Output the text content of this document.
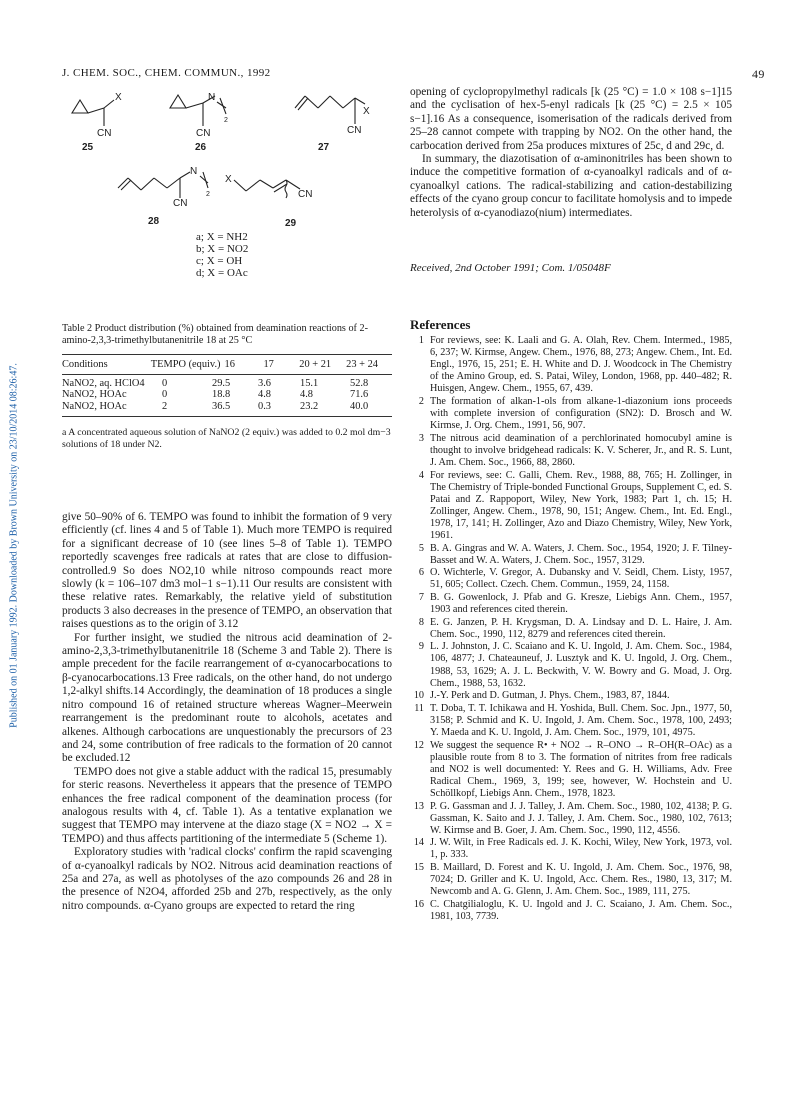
Published on 01 January 1992. Downloaded by Brown University on 23/10/2014 08:26:47.
J. CHEM. SOC., CHEM. COMMUN., 1992	49
X
CN
N
2
CN
X
CN
25	26	27
N
2
CN
X
CN
28	29
a; X = NH2
b; X = NO2
c; X = OH
d; X = OAc
Table 2 Product distribution (%) obtained from deamination reactions of 2-amino-2,3,3-trimethylbutanenitrile 18 at 25 °C
Conditions	TEMPO (equiv.)	16	17	20 + 21	23 + 24
NaNO2, aq. HClO4	0	29.5	3.6	15.1	52.8
NaNO2, HOAc	0	18.8	4.8	4.8	71.6
NaNO2, HOAc	2	36.5	0.3	23.2	40.0
a A concentrated aqueous solution of NaNO2 (2 equiv.) was added to 0.2 mol dm−3 solutions of 18 under N2.

give 50–90% of 6. TEMPO was found to inhibit the formation of 9 very efficiently (cf. lines 4 and 5 of Table 1). Much more TEMPO is required for a significant decrease of 10 (see lines 5–8 of Table 1). TEMPO reportedly scavenges free radicals at rates that are close to diffusion-controlled.9 So does NO2,10 while nitroso compounds react more slowly (k = 106–107 dm3 mol−1 s−1).11 Our results are consistent with these relative rates. Remarkably, the relative yield of substitution products 3 also decreases in the presence of TEMPO, an observation that raises questions as to the origin of 3.12

For further insight, we studied the nitrous acid deamination of 2-amino-2,3,3-trimethylbutanenitrile 18 (Scheme 3 and Table 2). There is ample precedent for the facile rearrangement of α-cyanocarbocations to β-cyanocarbocations.13 Free radicals, on the other hand, do not undergo 1,2-alkyl shifts.14 Accordingly, the deamination of 18 produces a single nitro compound 16 of retained structure whereas Wagner–Meerwein rearrangement is the predominant route to alcohols, acetates and alkenes. Although carbocations are unquestionably the precursors of 23 and 24, some contribution of free radicals to the formation of 20 cannot be excluded.12

TEMPO does not give a stable adduct with the radical 15, presumably for steric reasons. Nevertheless it appears that the presence of TEMPO enhances the free radical component of the deamination process (for analogous results with 4, cf. Table 1). As a tentative explanation we suggest that TEMPO may intervene at the diazo stage (X = NO2 → X = TEMPO) and thus affects partitioning of the intermediate 5 (Scheme 1).

Exploratory studies with 'radical clocks' confirm the rapid scavenging of α-cyanoalkyl radicals by NO2. Nitrous acid deamination reactions of 25a and 27a, as well as photolyses of the azo compounds 26 and 28 in the presence of N2O4, afforded 25b and 27b, respectively, as the only nitro compounds. α-Cyano groups are expected to retard the ring

opening of cyclopropylmethyl radicals [k (25 °C) = 1.0 × 108 s−1]15 and the cyclisation of hex-5-enyl radicals [k (25 °C) = 2.5 × 105 s−1].16 As a consequence, isomerisation of the radicals derived from 25–28 cannot compete with trapping by NO2. On the other hand, the carbocation derived from 25a produces mixtures of 25c, d and 29c, d.

In summary, the diazotisation of α-aminonitriles has been shown to induce the competitive formation of α-cyanoalkyl radicals and of α-cyanoalkyl cations. The radical-stabilizing and cation-destabilizing effects of the cyano group concur to facilitate homolysis and to impede heterolysis of α-cyanodiazo(nium) intermediates.

Received, 2nd October 1991; Com. 1/05048F
References
1 For reviews, see: K. Laali and G. A. Olah, Rev. Chem. Intermed., 1985, 6, 237; W. Kirmse, Angew. Chem., 1976, 88, 273; Angew. Chem., Int. Ed. Engl., 1976, 15, 251; E. H. White and D. J. Woodcock in The Chemistry of the Amino Group, ed. S. Patai, Wiley, London, 1968, pp. 440–482; R. Huisgen, Angew. Chem., 1955, 67, 439.
2 The formation of alkan-1-ols from alkane-1-diazonium ions proceeds with complete inversion of configuration (SN2): D. Brosch and W. Kirmse, J. Org. Chem., 1991, 56, 907.
3 The nitrous acid deamination of a perchlorinated homocubyl amine is thought to involve bridgehead radicals: K. V. Scherer, Jr., and R. S. Lunt, J. Am. Chem. Soc., 1966, 88, 2860.
4 For reviews, see: C. Galli, Chem. Rev., 1988, 88, 765; H. Zollinger, in The Chemistry of Triple-bonded Functional Groups, Supplement C, ed. S. Patai and Z. Rappoport, Wiley, New York, 1983; Part 1, ch. 15; H. Zollinger, Angew. Chem., 1978, 90, 151; Angew. Chem., Int. Ed. Engl., 1978, 17, 141; H. Zollinger, Azo and Diazo Chemistry, Wiley, New York, 1961.
5 B. A. Gingras and W. A. Waters, J. Chem. Soc., 1954, 1920; J. F. Tilney-Basset and W. A. Waters, J. Chem. Soc., 1957, 3129.
6 O. Wichterle, V. Gregor, A. Dubansky and V. Seidl, Chem. Listy, 1957, 51, 605; Collect. Czech. Chem. Commun., 1959, 24, 1158.
7 B. G. Gowenlock, J. Pfab and G. Kresze, Liebigs Ann. Chem., 1957, 1903 and references cited therein.
8 E. G. Janzen, P. H. Krygsman, D. A. Lindsay and D. L. Haire, J. Am. Chem. Soc., 1990, 112, 8279 and references cited therein.
9 L. J. Johnston, J. C. Scaiano and K. U. Ingold, J. Am. Chem. Soc., 1984, 106, 4877; J. Chateauneuf, J. Lusztyk and K. U. Ingold, J. Org. Chem., 1988, 53, 1629; A. J. L. Beckwith, V. W. Bowry and G. Moad, J. Org. Chem., 1988, 53, 1632.
10 J.-Y. Perk and D. Gutman, J. Phys. Chem., 1983, 87, 1844.
11 T. Doba, T. T. Ichikawa and H. Yoshida, Bull. Chem. Soc. Jpn., 1977, 50, 3158; P. Schmid and K. U. Ingold, J. Am. Chem. Soc., 1978, 100, 2493; Y. Maeda and K. U. Ingold, J. Am. Chem. Soc., 1979, 101, 4975.
12 We suggest the sequence R• + NO2 → R–ONO → R–OH(R–OAc) as a plausible route from 8 to 3. The formation of nitrites from free radicals and NO2 is well documented: Y. Rees and G. H. Williams, Adv. Free Radical Chem., 1969, 3, 199; see, however, W. Hochstein and U. Schöllkopf, Liebigs Ann. Chem., 1978, 1823.
13 P. G. Gassman and J. J. Talley, J. Am. Chem. Soc., 1980, 102, 4138; P. G. Gassman, K. Saito and J. J. Talley, J. Am. Chem. Soc., 1980, 102, 7613; W. Kirmse and B. Goer, J. Am. Chem. Soc., 1990, 112, 4556.
14 J. W. Wilt, in Free Radicals ed. J. K. Kochi, Wiley, New York, 1973, vol. 1, p. 333.
15 B. Maillard, D. Forest and K. U. Ingold, J. Am. Chem. Soc., 1976, 98, 7024; D. Griller and K. U. Ingold, Acc. Chem. Res., 1980, 13, 317; M. Newcomb and A. G. Glenn, J. Am. Chem. Soc., 1989, 111, 275.
16 C. Chatgilialoglu, K. U. Ingold and J. C. Scaiano, J. Am. Chem. Soc., 1981, 103, 7739.
